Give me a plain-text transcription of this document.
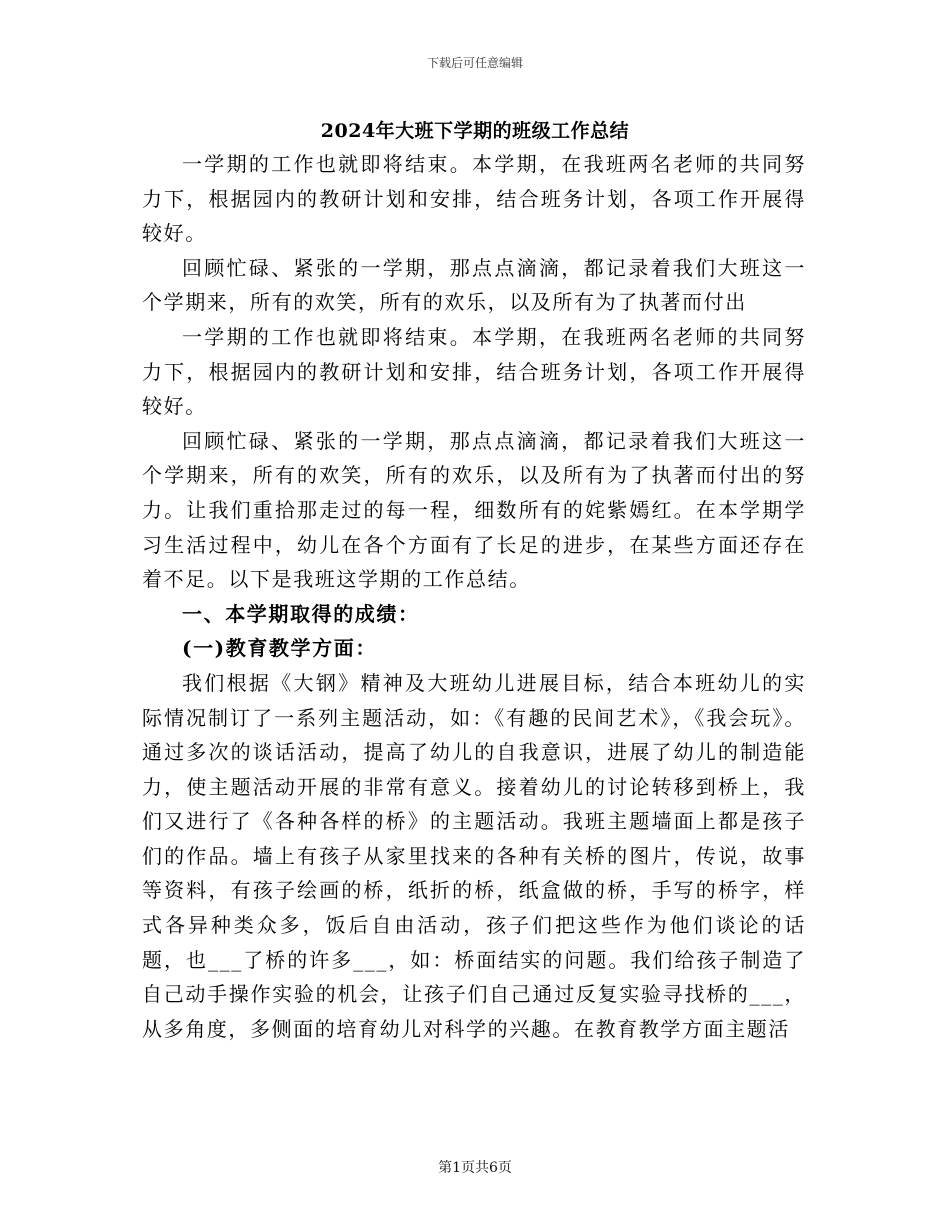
下载后可任意编辑
2024年大班下学期的班级工作总结

一学期的工作也就即将结束。本学期，在我班两名老师的共同努力下，根据园内的教研计划和安排，结合班务计划，各项工作开展得较好。

回顾忙碌、紧张的一学期，那点点滴滴，都记录着我们大班这一个学期来，所有的欢笑，所有的欢乐，以及所有为了执著而付出

一学期的工作也就即将结束。本学期，在我班两名老师的共同努力下，根据园内的教研计划和安排，结合班务计划，各项工作开展得较好。

回顾忙碌、紧张的一学期，那点点滴滴，都记录着我们大班这一个学期来，所有的欢笑，所有的欢乐，以及所有为了执著而付出的努力。让我们重拾那走过的每一程，细数所有的姹紫嫣红。在本学期学习生活过程中，幼儿在各个方面有了长足的进步，在某些方面还存在着不足。以下是我班这学期的工作总结。

一、本学期取得的成绩：

(一)教育教学方面：

我们根据《大钢》精神及大班幼儿进展目标，结合本班幼儿的实际情况制订了一系列主题活动，如：《有趣的民间艺术》，《我会玩》。通过多次的谈话活动，提高了幼儿的自我意识，进展了幼儿的制造能力，使主题活动开展的非常有意义。接着幼儿的讨论转移到桥上，我们又进行了《各种各样的桥》的主题活动。我班主题墙面上都是孩子们的作品。墙上有孩子从家里找来的各种有关桥的图片，传说，故事等资料，有孩子绘画的桥，纸折的桥，纸盒做的桥，手写的桥字，样式各异种类众多，饭后自由活动，孩子们把这些作为他们谈论的话题，也___了桥的许多___，如：桥面结实的问题。我们给孩子制造了自己动手操作实验的机会，让孩子们自己通过反复实验寻找桥的___，从多角度，多侧面的培育幼儿对科学的兴趣。在教育教学方面主题活

第1页共6页
